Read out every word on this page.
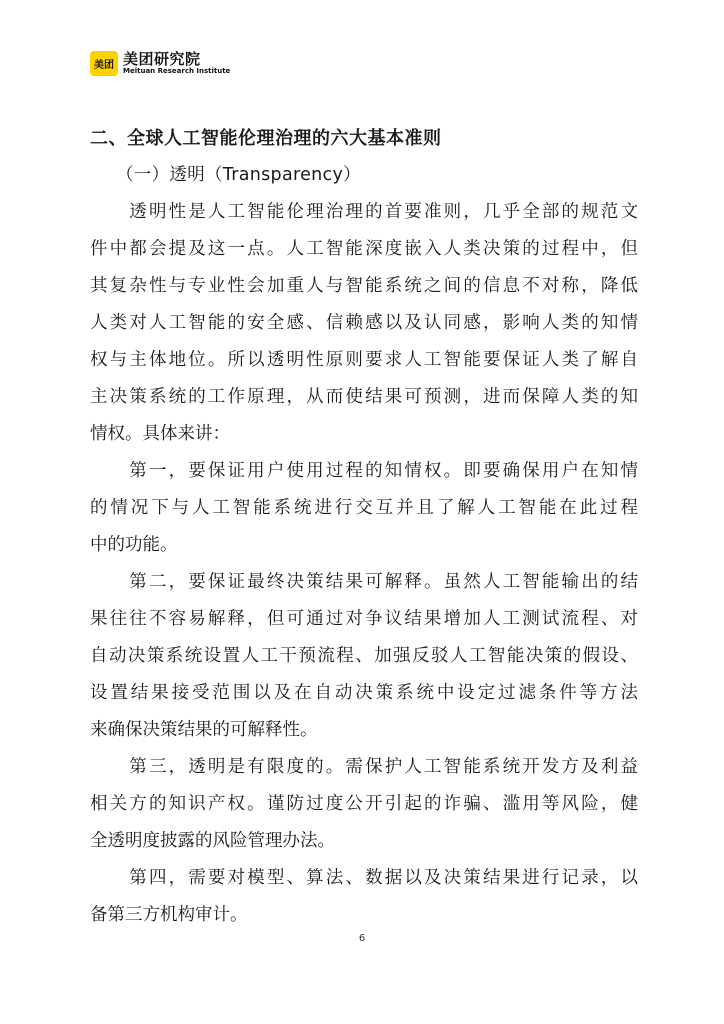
美团 美团研究院
Meituan Research Institute
二、全球人工智能伦理治理的六大基本准则
（一）透明（Transparency）
　　透明性是人工智能伦理治理的首要准则，几乎全部的规范文
件中都会提及这一点。人工智能深度嵌入人类决策的过程中，但
其复杂性与专业性会加重人与智能系统之间的信息不对称，降低
人类对人工智能的安全感、信赖感以及认同感，影响人类的知情
权与主体地位。所以透明性原则要求人工智能要保证人类了解自
主决策系统的工作原理，从而使结果可预测，进而保障人类的知
情权。具体来讲：
　　第一，要保证用户使用过程的知情权。即要确保用户在知情
的情况下与人工智能系统进行交互并且了解人工智能在此过程
中的功能。
　　第二，要保证最终决策结果可解释。虽然人工智能输出的结
果往往不容易解释，但可通过对争议结果增加人工测试流程、对
自动决策系统设置人工干预流程、加强反驳人工智能决策的假设、
设置结果接受范围以及在自动决策系统中设定过滤条件等方法
来确保决策结果的可解释性。
　　第三，透明是有限度的。需保护人工智能系统开发方及利益
相关方的知识产权。谨防过度公开引起的诈骗、滥用等风险，健
全透明度披露的风险管理办法。
　　第四，需要对模型、算法、数据以及决策结果进行记录，以
备第三方机构审计。
6
